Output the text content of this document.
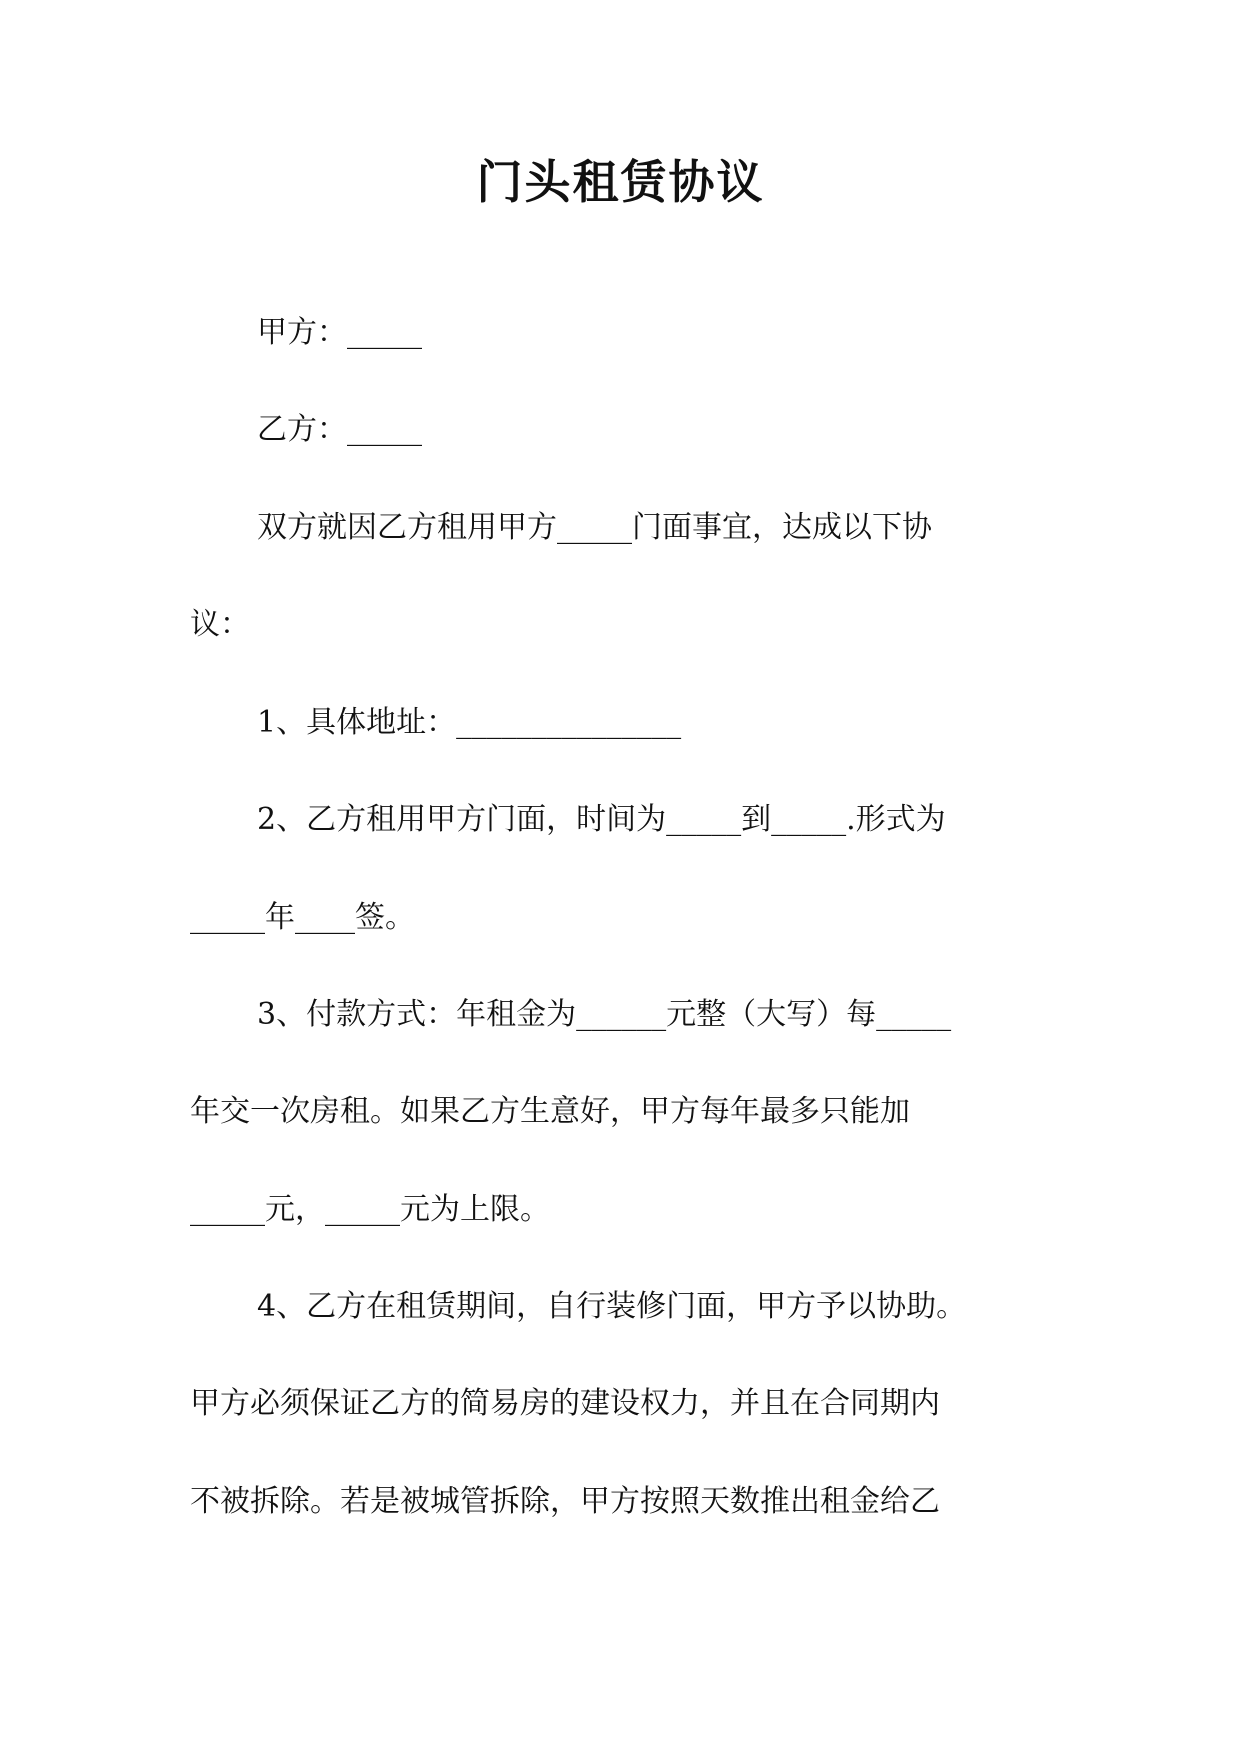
门头租赁协议
甲方：_____
乙方：_____
双方就因乙方租用甲方_____门面事宜，达成以下协
议：
1、具体地址：_______________
2、乙方租用甲方门面，时间为_____到_____.形式为
_____年____签。
3、付款方式：年租金为______元整（大写）每_____
年交一次房租。如果乙方生意好，甲方每年最多只能加
_____元，_____元为上限。
4、乙方在租赁期间，自行装修门面，甲方予以协助。
甲方必须保证乙方的简易房的建设权力，并且在合同期内
不被拆除。若是被城管拆除，甲方按照天数推出租金给乙
